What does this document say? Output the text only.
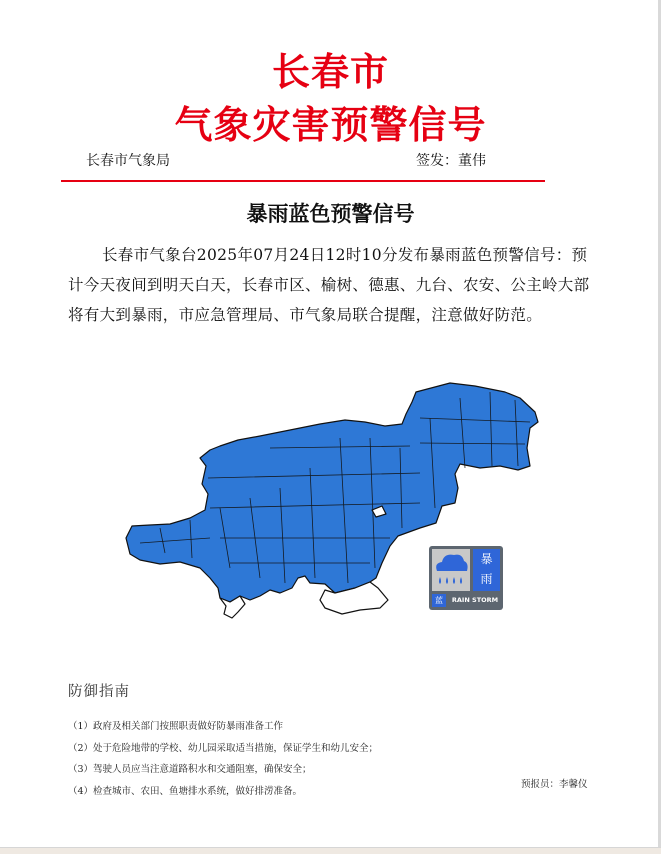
长春市
气象灾害预警信号
长春市气象局	签发：董伟
暴雨蓝色预警信号

长春市气象台2025年07月24日12时10分发布暴雨蓝色预警信号：预计今天夜间到明天白天，长春市区、榆树、德惠、九台、农安、公主岭大部将有大到暴雨，市应急管理局、市气象局联合提醒，注意做好防范。

暴
雨
蓝	RAIN STORM
防御指南
（1）政府及相关部门按照职责做好防暴雨准备工作
（2）处于危险地带的学校、幼儿园采取适当措施，保证学生和幼儿安全；
（3）驾驶人员应当注意道路积水和交通阻塞，确保安全；
（4）检查城市、农田、鱼塘排水系统，做好排涝准备。
预报员：李馨仪
